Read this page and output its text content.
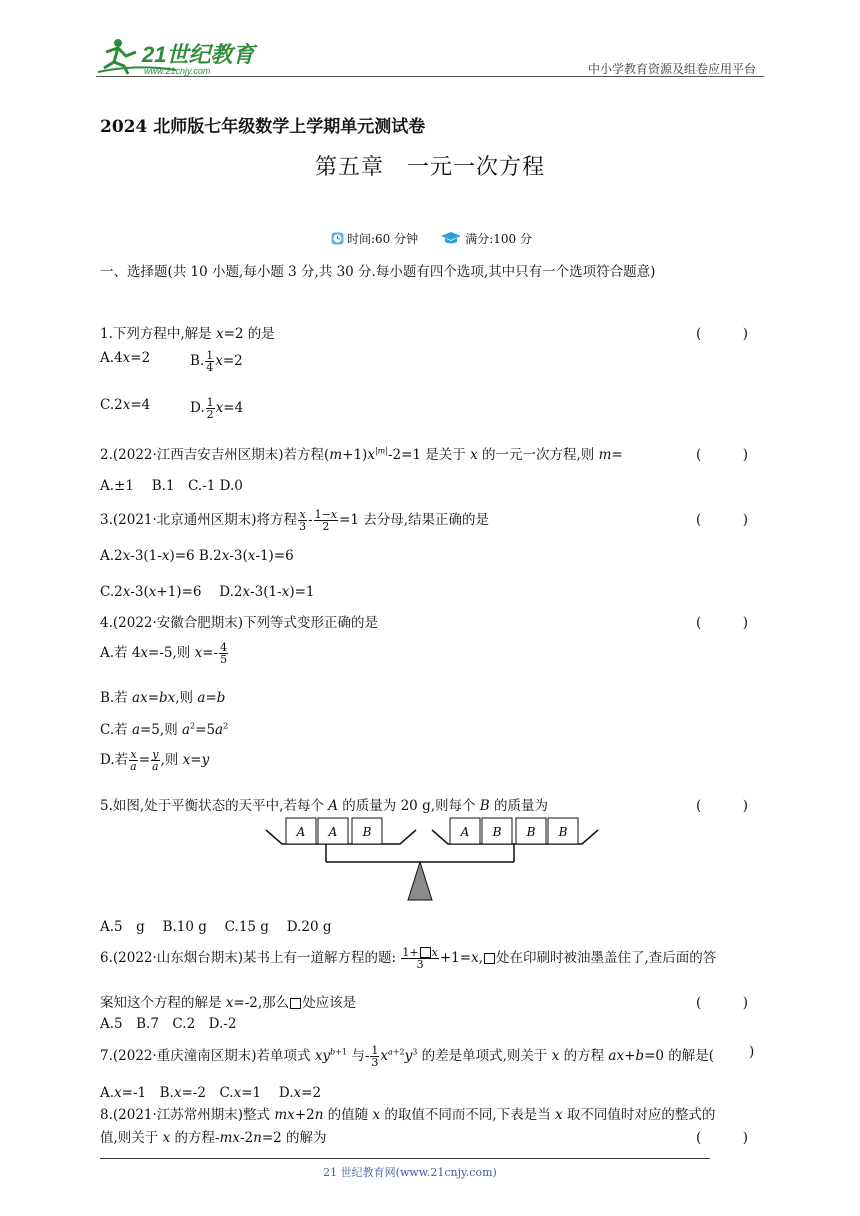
21世纪教育
www.21cnjy.com	中小学教育资源及组卷应用平台
2024 北师版七年级数学上学期单元测试卷
第五章　一元一次方程
时间:60 分钟	满分:100 分
一、选择题(共 10 小题,每小题 3 分,共 30 分.每小题有四个选项,其中只有一个选项符合题意)
1.下列方程中,解是 x=2 的是	(　)
A.4x=2	B. $\frac{1}{4} x=2$
C.2x=4	D. $\frac{1}{2} x=4$
2.(2022·江西吉安吉州区期末)若方程$(m+1)x^{|m|}-2=1$ 是关于 x 的一元一次方程,则 m=	(　)
A.±1　 B.1　C.-1 D.0
3.(2021·北京通州区期末)将方程 $\frac{x}{3} - \frac{1-x}{2} =1$ 去分母,结果正确的是	(　)
A.2x-3(1-x)=6 B.2x-3(x-1)=6
C.2x-3(x+1)=6　 D.2x-3(1-x)=1
4.(2022·安徽合肥期末)下列等式变形正确的是	(　)
A.若 4x=-5,则 $x=- \frac{4}{5}$
B.若 ax=bx,则 a=b
C.若 a=5,则 $a^2=5a^2$
D.若 $\frac{x}{a} = \frac{y}{a}$ ,则 x=y
5.如图,处于平衡状态的天平中,若每个 A 的质量为 20 g,则每个 B 的质量为	(　)
A A B	A B B B
A.5　g　 B.10 g　 C.15 g　 D.20 g
6.(2022·山东烟台期末)某书上有一道解方程的题: $\frac{1+ x}{3} +1=x$, 处在印刷时被油墨盖住了,查后面的答
案知这个方程的解是 x=-2,那么 处应该是	(　)
A.5　B.7　C.2　D.-2
7.(2022·重庆潼南区期末)若单项式 $xy^{b+1}$ 与- $\frac{1}{3} x^{a+2}y^3$ 的差是单项式,则关于 x 的方程 ax+b=0 的解是(	)
A.x=-1　B.x=-2　C.x=1　 D.x=2
8.(2021·江苏常州期末)整式 mx+2n 的值随 x 的取值不同而不同,下表是当 x 取不同值时对应的整式的
值,则关于 x 的方程-mx-2n=2 的解为	(　)
21 世纪教育网(www.21cnjy.com)
